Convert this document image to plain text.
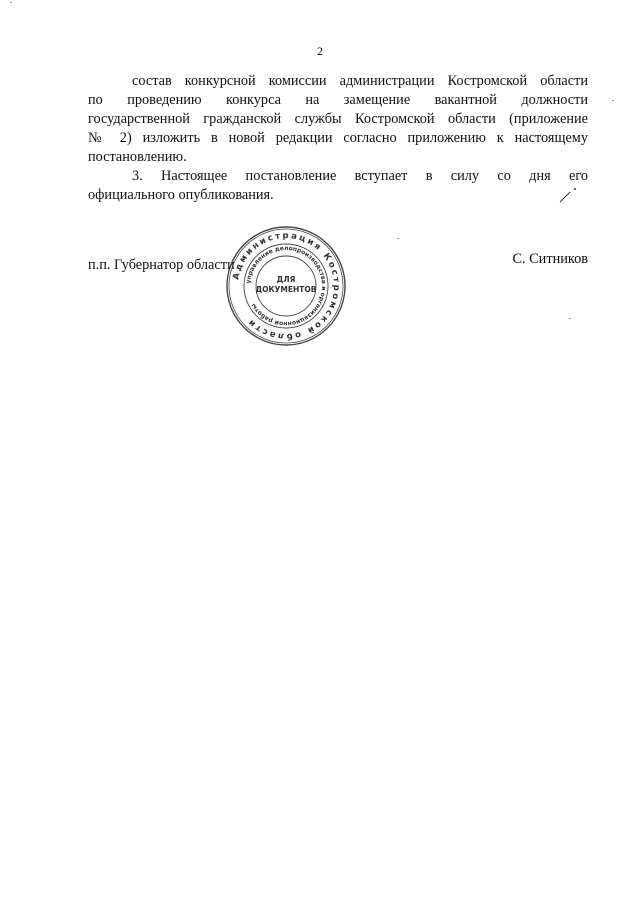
2

состав конкурсной комиссии администрации Костромской области
по проведению конкурса на замещение вакантной должности
государственной гражданской службы Костромской области (приложение
№ 2) изложить в новой редакции согласно приложению к настоящему
постановлению.

3. Настоящее постановление вступает в силу со дня его
официального опубликования.

п.п. Губернатор области	С. Ситников
Администрация Костромской области
управление делопроизводства и организационной работы
ДЛЯ
ДОКУМЕНТОВ
